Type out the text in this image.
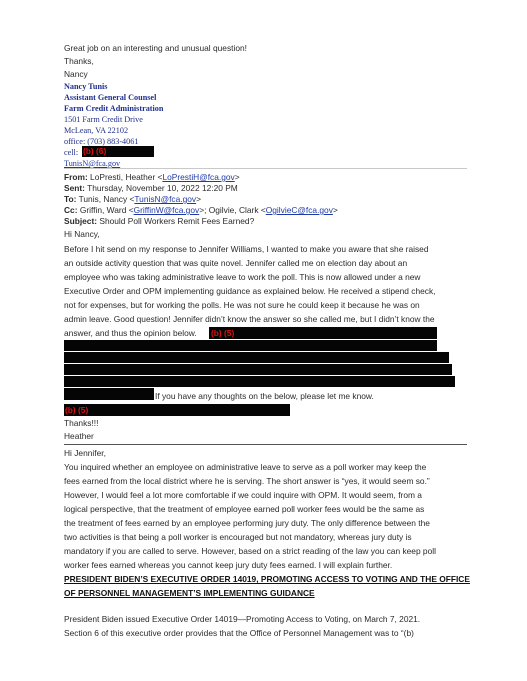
Great job on an interesting and unusual question!
Thanks,
Nancy
Nancy Tunis
Assistant General Counsel
Farm Credit Administration
1501 Farm Credit Drive
McLean, VA 22102
office: (703) 883-4061
cell: (b) (6)
TunisN@fca.gov
From: LoPresti, Heather <LoPrestiH@fca.gov>
Sent: Thursday, November 10, 2022 12:20 PM
To: Tunis, Nancy <TunisN@fca.gov>
Cc: Griffin, Ward <GriffinW@fca.gov>; Ogilvie, Clark <OgilvieC@fca.gov>
Subject: Should Poll Workers Remit Fees Earned?
Hi Nancy,
Before I hit send on my response to Jennifer Williams, I wanted to make you aware that she raised
an outside activity question that was quite novel. Jennifer called me on election day about an
employee who was taking administrative leave to work the poll. This is now allowed under a new
Executive Order and OPM implementing guidance as explained below. He received a stipend check,
not for expenses, but for working the polls. He was not sure he could keep it because he was on
admin leave. Good question! Jennifer didn’t know the answer so she called me, but I didn’t know the
answer, and thus the opinion below. (b) (5)
If you have any thoughts on the below, please let me know.
(b) (5)
Thanks!!!
Heather
Hi Jennifer,
You inquired whether an employee on administrative leave to serve as a poll worker may keep the
fees earned from the local district where he is serving. The short answer is “yes, it would seem so.”
However, I would feel a lot more comfortable if we could inquire with OPM. It would seem, from a
logical perspective, that the treatment of employee earned poll worker fees would be the same as
the treatment of fees earned by an employee performing jury duty. The only difference between the
two activities is that being a poll worker is encouraged but not mandatory, whereas jury duty is
mandatory if you are called to serve. However, based on a strict reading of the law you can keep poll
worker fees earned whereas you cannot keep jury duty fees earned. I will explain further.
PRESIDENT BIDEN’S EXECUTIVE ORDER 14019, PROMOTING ACCESS TO VOTING AND THE OFFICE
OF PERSONNEL MANAGEMENT’S IMPLEMENTING GUIDANCE
President Biden issued Executive Order 14019—Promoting Access to Voting, on March 7, 2021.
Section 6 of this executive order provides that the Office of Personnel Management was to “(b)
